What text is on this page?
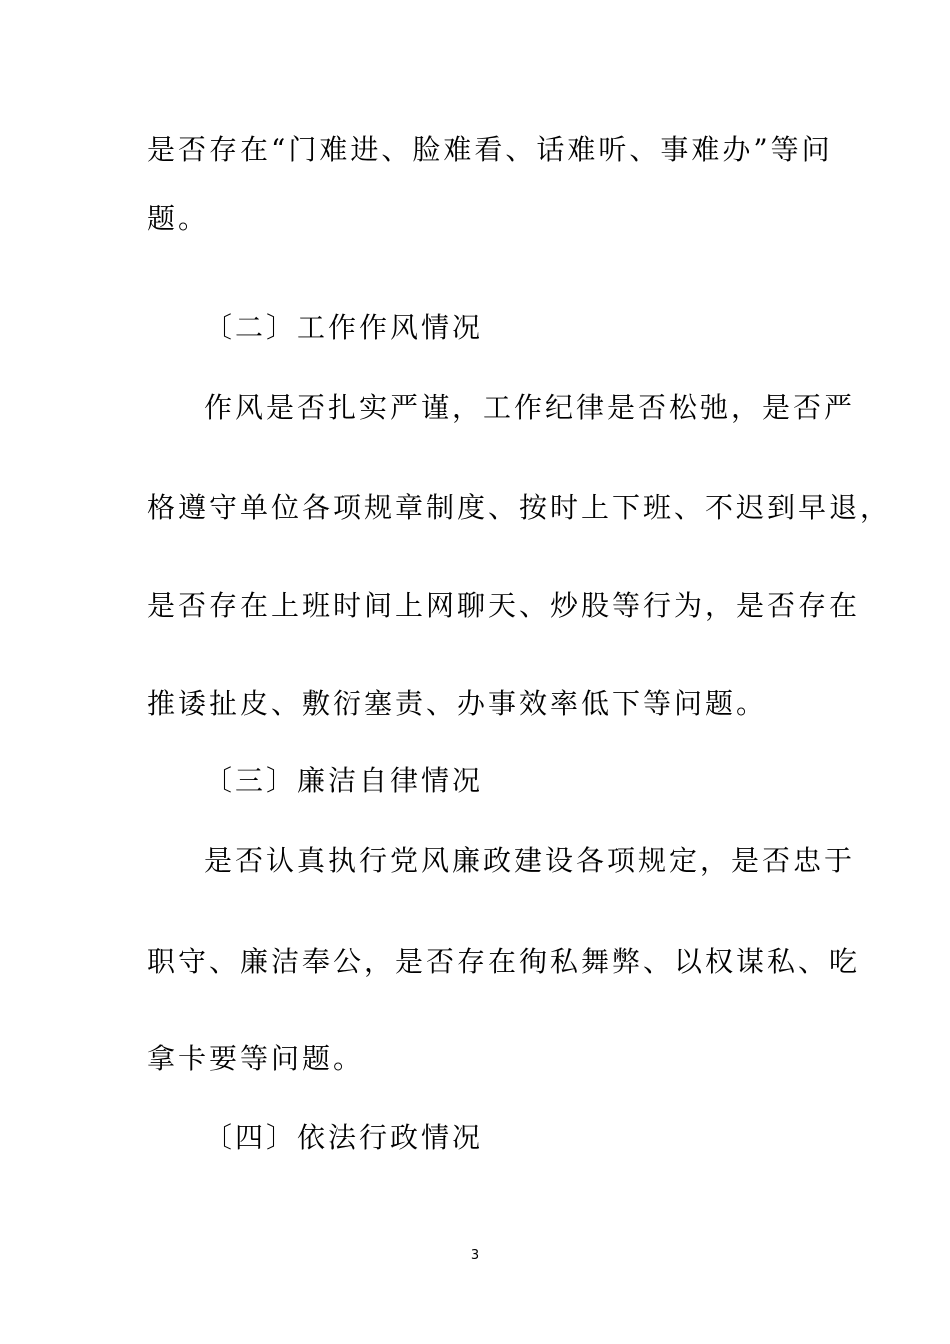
是否存在“门难进、脸难看、话难听、事难办”等问
题。
〔二〕工作作风情况
作风是否扎实严谨，工作纪律是否松弛，是否严
格遵守单位各项规章制度、按时上下班、不迟到早退，
是否存在上班时间上网聊天、炒股等行为，是否存在
推诿扯皮、敷衍塞责、办事效率低下等问题。
〔三〕廉洁自律情况
是否认真执行党风廉政建设各项规定，是否忠于
职守、廉洁奉公，是否存在徇私舞弊、以权谋私、吃
拿卡要等问题。
〔四〕依法行政情况
3
